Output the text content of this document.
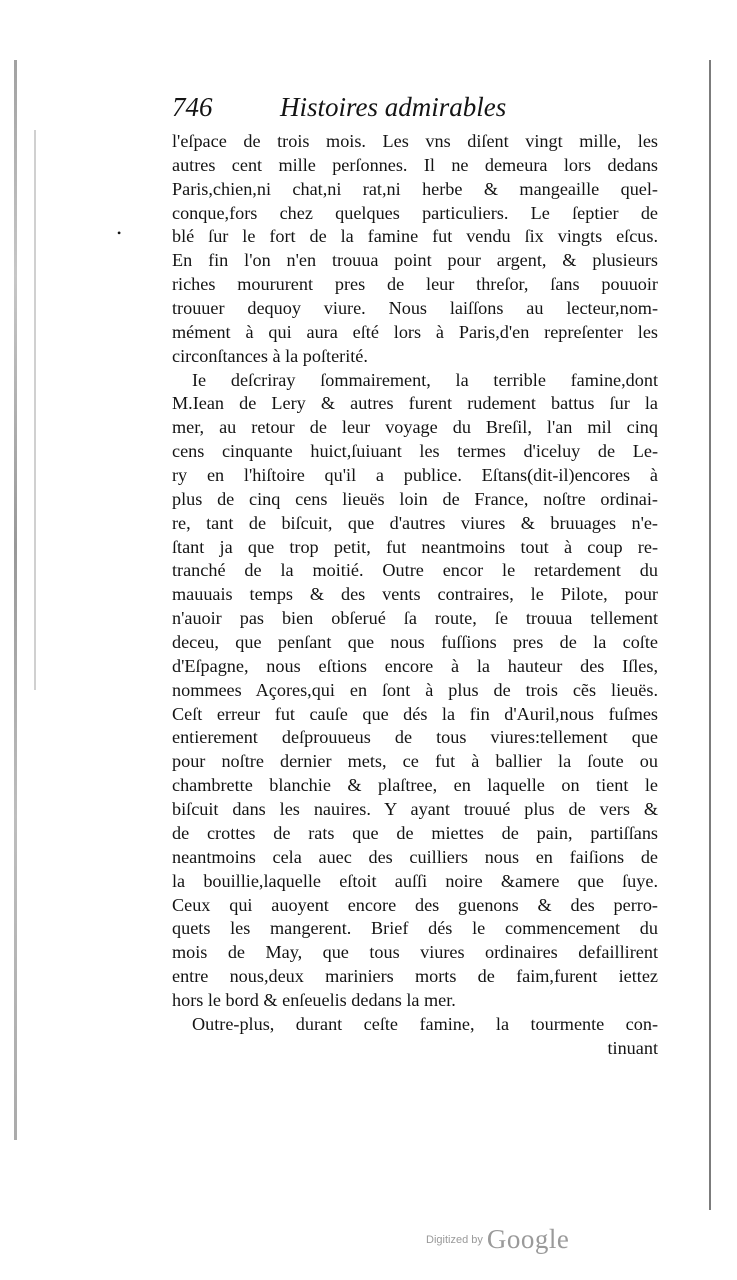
•
746	Histoires admirables
l'eſpace de trois mois. Les vns diſent vingt mille, les
autres cent mille perſonnes. Il ne demeura lors dedans
Paris,chien,ni chat,ni rat,ni herbe & mangeaille quel-
conque,fors chez quelques particuliers. Le ſeptier de
blé ſur le fort de la famine fut vendu ſix vingts eſcus.
En fin l'on n'en trouua point pour argent, & plusieurs
riches moururent pres de leur threſor, ſans pouuoir
trouuer dequoy viure. Nous laiſſons au lecteur,nom-
mément à qui aura eſté lors à Paris,d'en repreſenter les
circonſtances à la poſterité.
Ie deſcriray ſommairement, la terrible famine,dont
M.Iean de Lery & autres furent rudement battus ſur la
mer, au retour de leur voyage du Breſil, l'an mil cinq
cens cinquante huict,ſuiuant les termes d'iceluy de Le-
ry en l'hiſtoire qu'il a publice. Eſtans(dit-il)encores à
plus de cinq cens lieuës loin de France, noſtre ordinai-
re, tant de biſcuit, que d'autres viures & bruuages n'e-
ſtant ja que trop petit, fut neantmoins tout à coup re-
tranché de la moitié. Outre encor le retardement du
mauuais temps & des vents contraires, le Pilote, pour
n'auoir pas bien obſerué ſa route, ſe trouua tellement
deceu, que penſant que nous fuſſions pres de la coſte
d'Eſpagne, nous eſtions encore à la hauteur des Iſles,
nommees Açores,qui en ſont à plus de trois cẽs lieuës.
Ceſt erreur fut cauſe que dés la fin d'Auril,nous fuſmes
entierement deſprouueus de tous viures:tellement que
pour noſtre dernier mets, ce fut à ballier la ſoute ou
chambrette blanchie & plaſtree, en laquelle on tient le
biſcuit dans les nauires. Y ayant trouué plus de vers &
de crottes de rats que de miettes de pain, partiſſans
neantmoins cela auec des cuilliers nous en faiſions de
la bouillie,laquelle eſtoit auſſi noire &amere que ſuye.
Ceux qui auoyent encore des guenons & des perro-
quets les mangerent. Brief dés le commencement du
mois de May, que tous viures ordinaires defaillirent
entre nous,deux mariniers morts de faim,furent iettez
hors le bord & enſeuelis dedans la mer.
Outre-plus, durant ceſte famine, la tourmente con-
tinuant
Digitized by Google
